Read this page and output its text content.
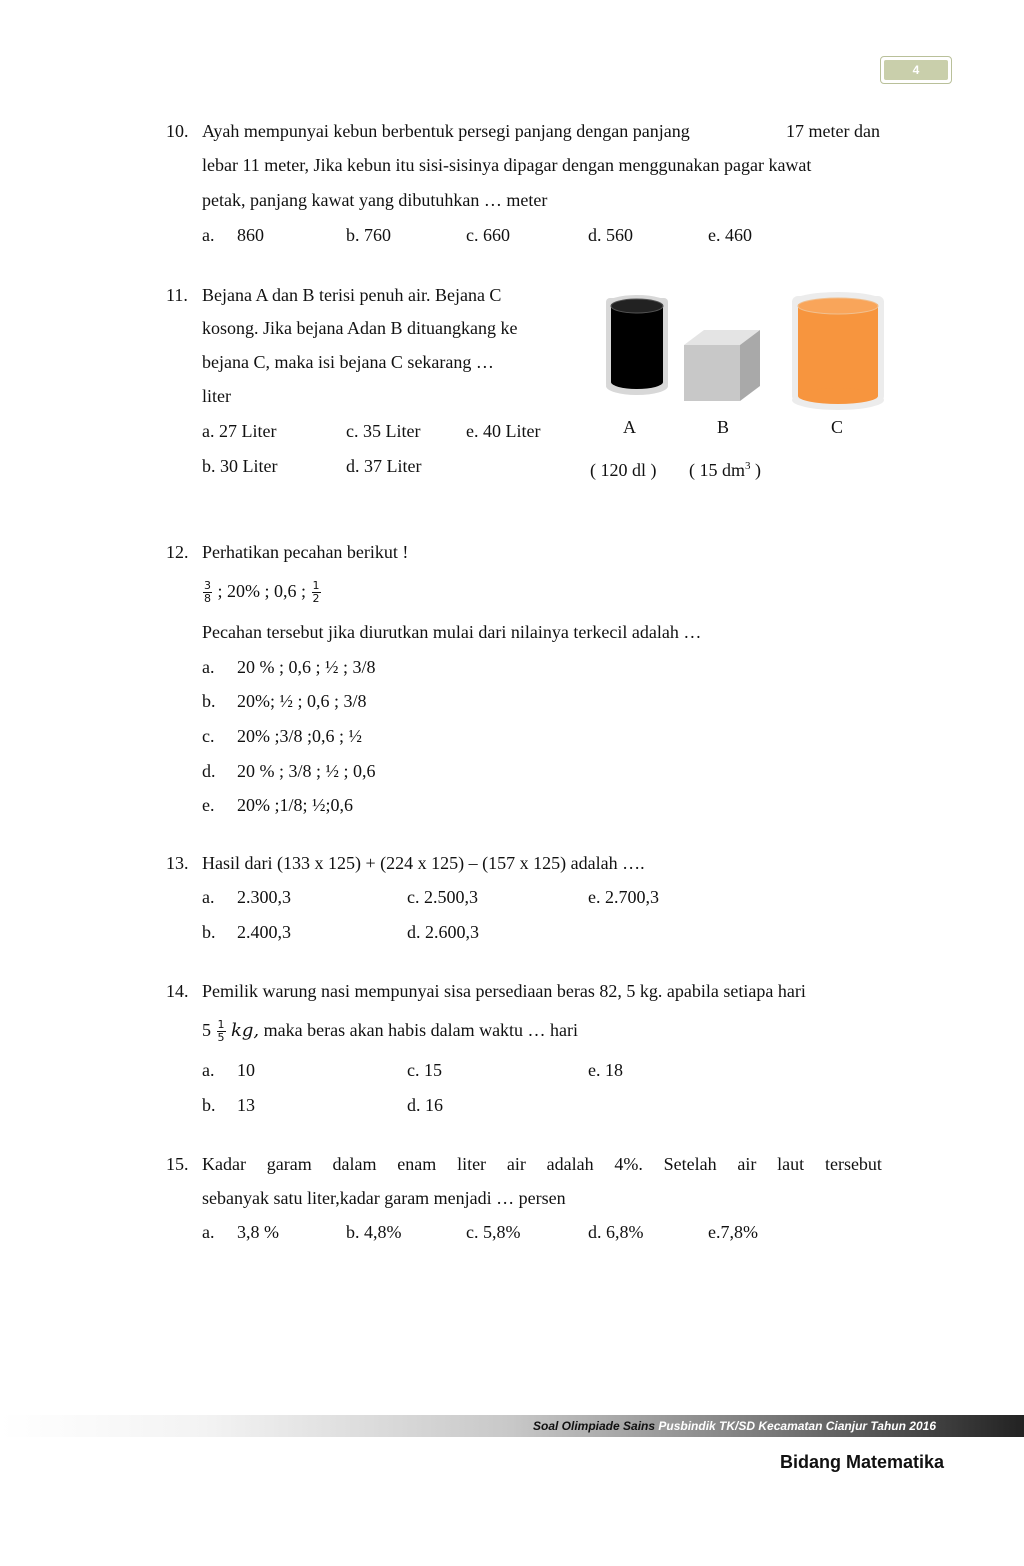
4
10. Ayah mempunyai kebun berbentuk persegi panjang dengan panjang	17 meter dan
lebar 11 meter, Jika kebun itu sisi-sisinya dipagar dengan menggunakan pagar kawat
petak, panjang kawat yang dibutuhkan … meter
a. 860	b. 760	c. 660	d. 560	e. 460
11. Bejana A dan B terisi penuh air. Bejana C
kosong. Jika bejana Adan B dituangkang ke
bejana C, maka isi bejana C sekarang …
liter
a. 27 Liter	c. 35 Liter	e. 40 Liter
b. 30 Liter	d. 37 Liter
A	B	C
( 120 dl ) ( 15 $dm^3$ )
12. Perhatikan pecahan berikut !
$\frac{3}{8}$ ; 20% ; 0,6 ; $\frac{1}{2}$
Pecahan tersebut jika diurutkan mulai dari nilainya terkecil adalah …
a. 20 % ; 0,6 ; ½ ; 3/8
b. 20%; ½ ; 0,6 ; 3/8
c. 20% ;3/8 ;0,6 ; ½
d. 20 % ; 3/8 ; ½ ; 0,6
e. 20% ;1/8; ½;0,6
13. Hasil dari (133 x 125) + (224 x 125) – (157 x 125) adalah ….
a. 2.300,3	c. 2.500,3	e. 2.700,3
b. 2.400,3	d. 2.600,3
14. Pemilik warung nasi mempunyai sisa persediaan beras 82, 5 kg. apabila setiapa hari
$5 \frac{1}{5}$ kg, maka beras akan habis dalam waktu … hari
a. 10	c. 15	e. 18
b. 13	d. 16
15. Kadar garam dalam enam liter air adalah 4%. Setelah air laut tersebut
sebanyak satu liter,kadar garam menjadi … persen
a. 3,8 %	b. 4,8%	c. 5,8%	d. 6,8%	e.7,8%
Soal Olimpiade Sains Pusbindik TK/SD Kecamatan Cianjur Tahun 2016
Bidang Matematika
